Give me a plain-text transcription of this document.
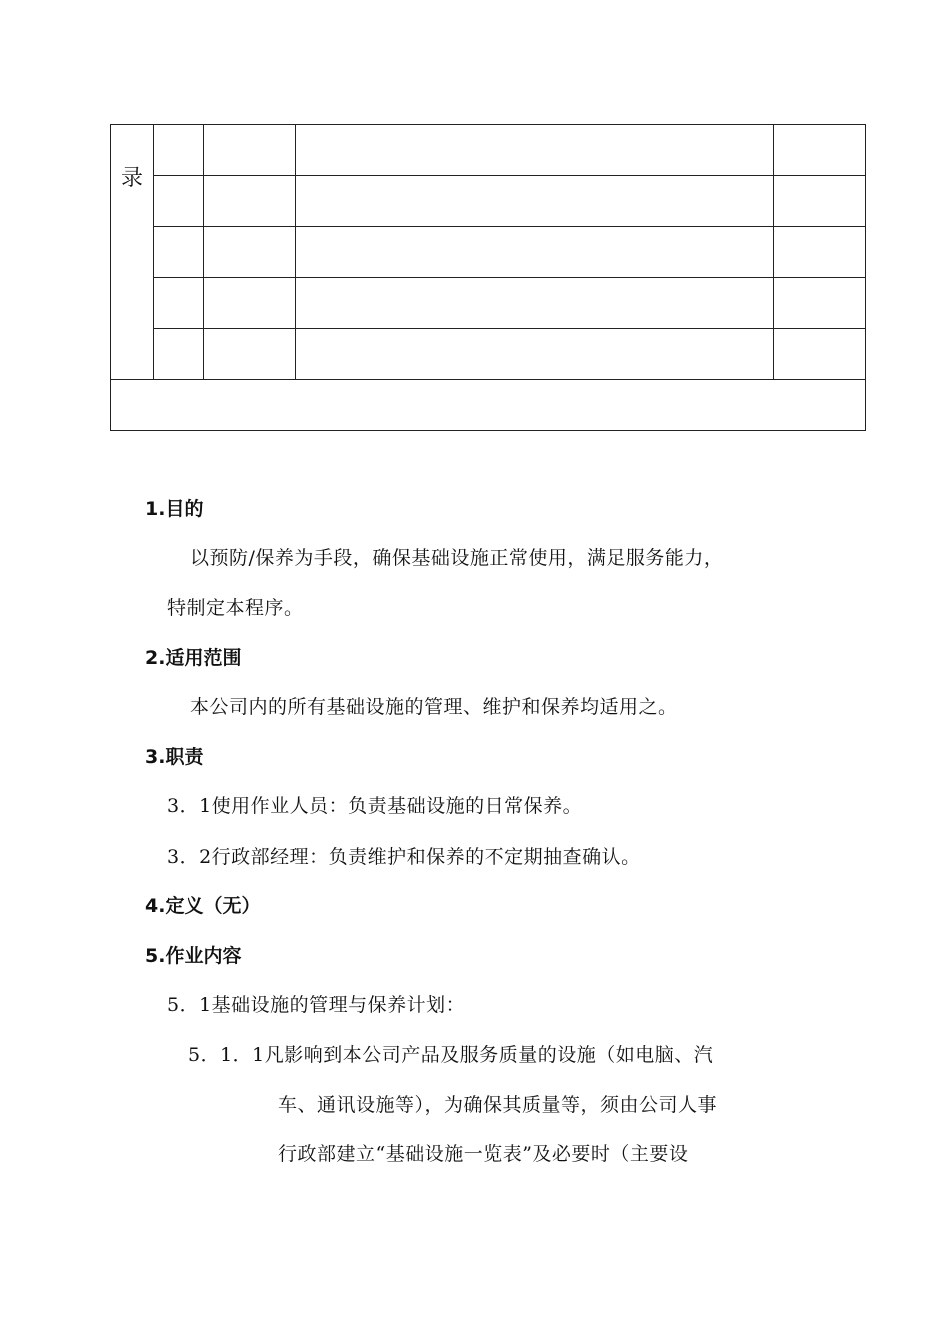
录				

1.目的
以预防/保养为手段，确保基础设施正常使用，满足服务能力，
特制定本程序。
2.适用范围
本公司内的所有基础设施的管理、维护和保养均适用之。
3.职责
3．1使用作业人员：负责基础设施的日常保养。
3．2行政部经理：负责维护和保养的不定期抽查确认。
4.定义（无）
5.作业内容
5．1基础设施的管理与保养计划：
5．1．1凡影响到本公司产品及服务质量的设施（如电脑、汽
车、通讯设施等），为确保其质量等，须由公司人事
行政部建立“基础设施一览表”及必要时（主要设
